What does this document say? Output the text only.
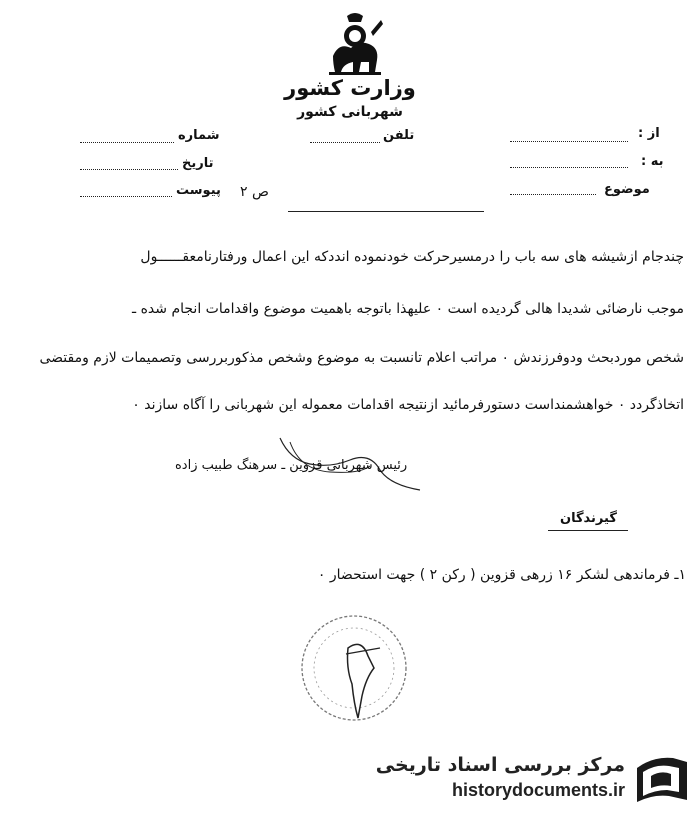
وزارت کشور
شهربانی کشور
از :
به :
موضوع
تلفن
شماره
تاریخ
پیوست ص ۲
چندجام ازشیشه های سه باب را درمسیرحرکت خودنموده انددکه این اعمال ورفتارنامعقــــــول
موجب نارضائی شدیدا هالی گردیده است ۰ علیهذا باتوجه باهمیت موضوع واقدامات انجام شده ـ
شخص موردبحث ودوفرزندش ۰ مراتب اعلام تانسبت به موضوع وشخص مذکوربررسی وتصمیمات لازم ومقتضی
اتخاذگردد ۰ خواهشمنداست دستورفرمائید ازنتیجه اقدامات معموله این شهربانی را آگاه سازند ۰
رئیس شهربانی قزوین ـ سرهنگ طبیب زاده
گیرندگان
۱ـ فرماندهی لشکر ۱۶ زرهی قزوین ( رکن ۲ ) جهت استحضار ۰
مرکز بررسی اسناد تاریخی
historydocuments.ir
